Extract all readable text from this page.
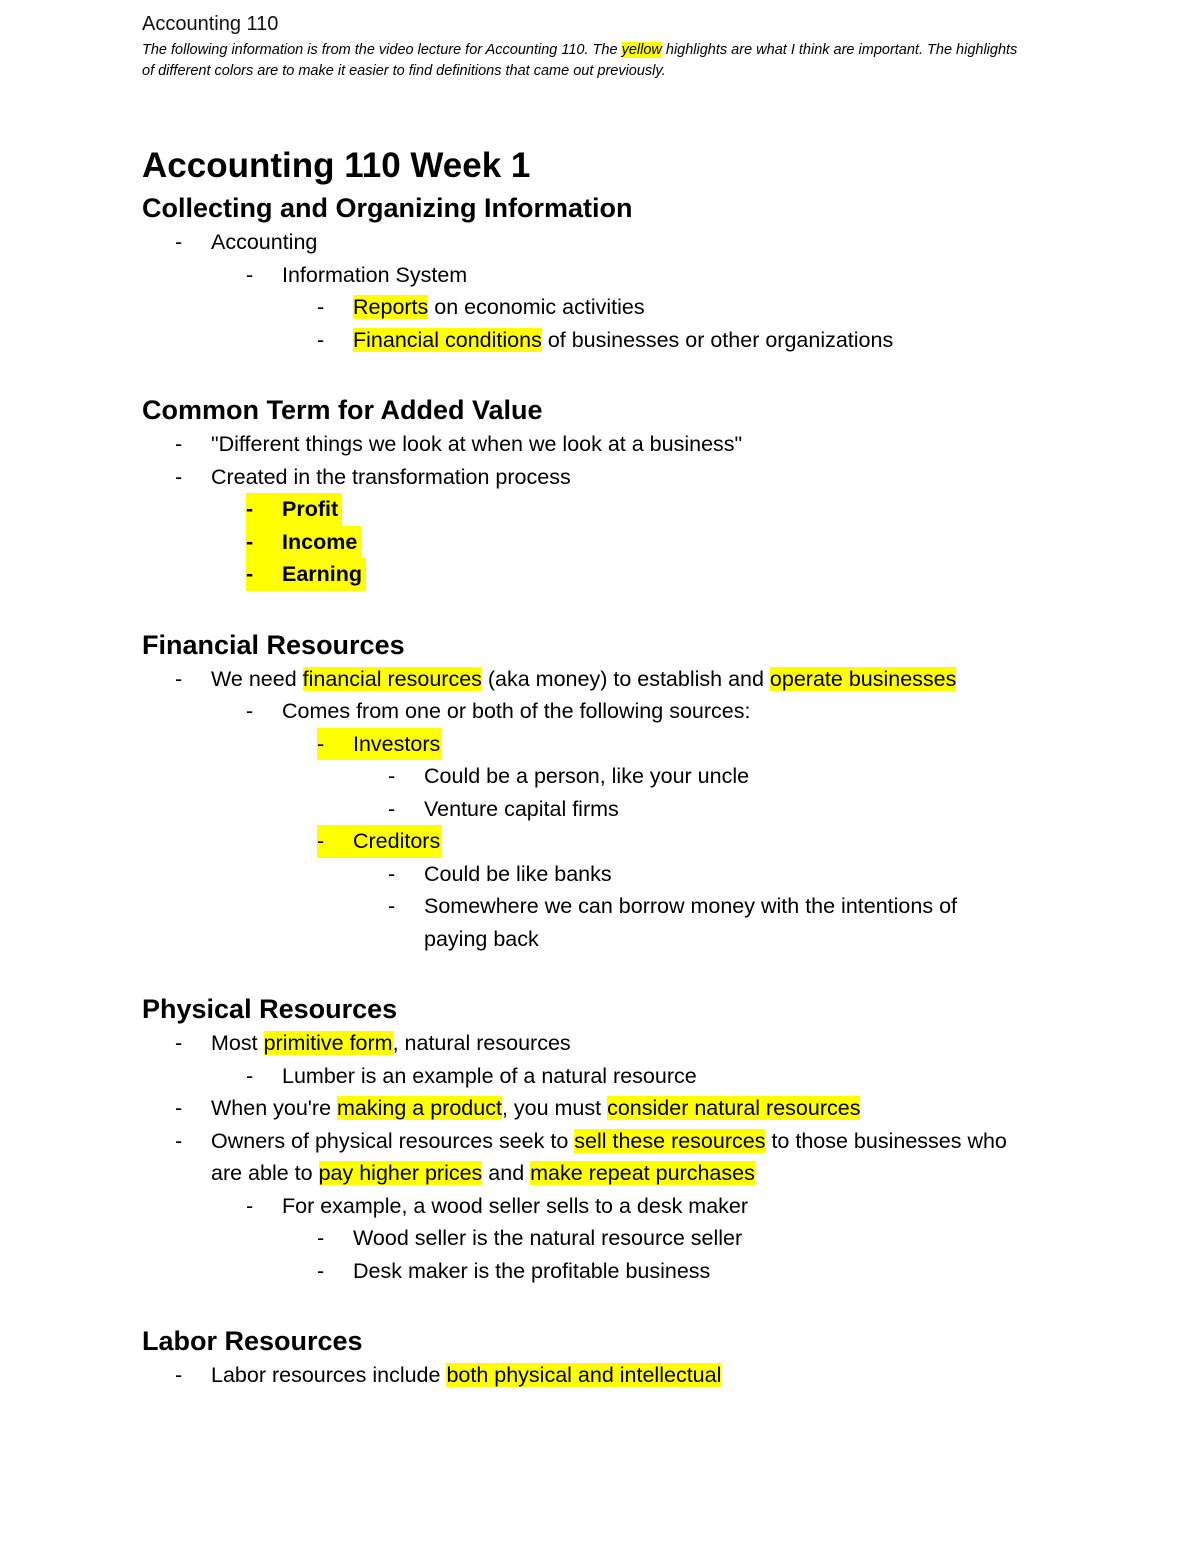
Accounting 110

The following information is from the video lecture for Accounting 110. The yellow highlights are what I think are important. The highlights of different colors are to make it easier to find definitions that came out previously.

Accounting 110 Week 1
Collecting and Organizing Information
- Accounting
- Information System
- Reports on economic activities
- Financial conditions of businesses or other organizations
Common Term for Added Value
- "Different things we look at when we look at a business"
- Created in the transformation process
- Profit
- Income
- Earning
Financial Resources
- We need financial resources (aka money) to establish and operate businesses
- Comes from one or both of the following sources:
- Investors
- Could be a person, like your uncle
- Venture capital firms
- Creditors
- Could be like banks
- Somewhere we can borrow money with the intentions of paying back
Physical Resources
- Most primitive form, natural resources
- Lumber is an example of a natural resource
- When you're making a product, you must consider natural resources
- Owners of physical resources seek to sell these resources to those businesses who are able to pay higher prices and make repeat purchases
- For example, a wood seller sells to a desk maker
- Wood seller is the natural resource seller
- Desk maker is the profitable business
Labor Resources
- Labor resources include both physical and intellectual
